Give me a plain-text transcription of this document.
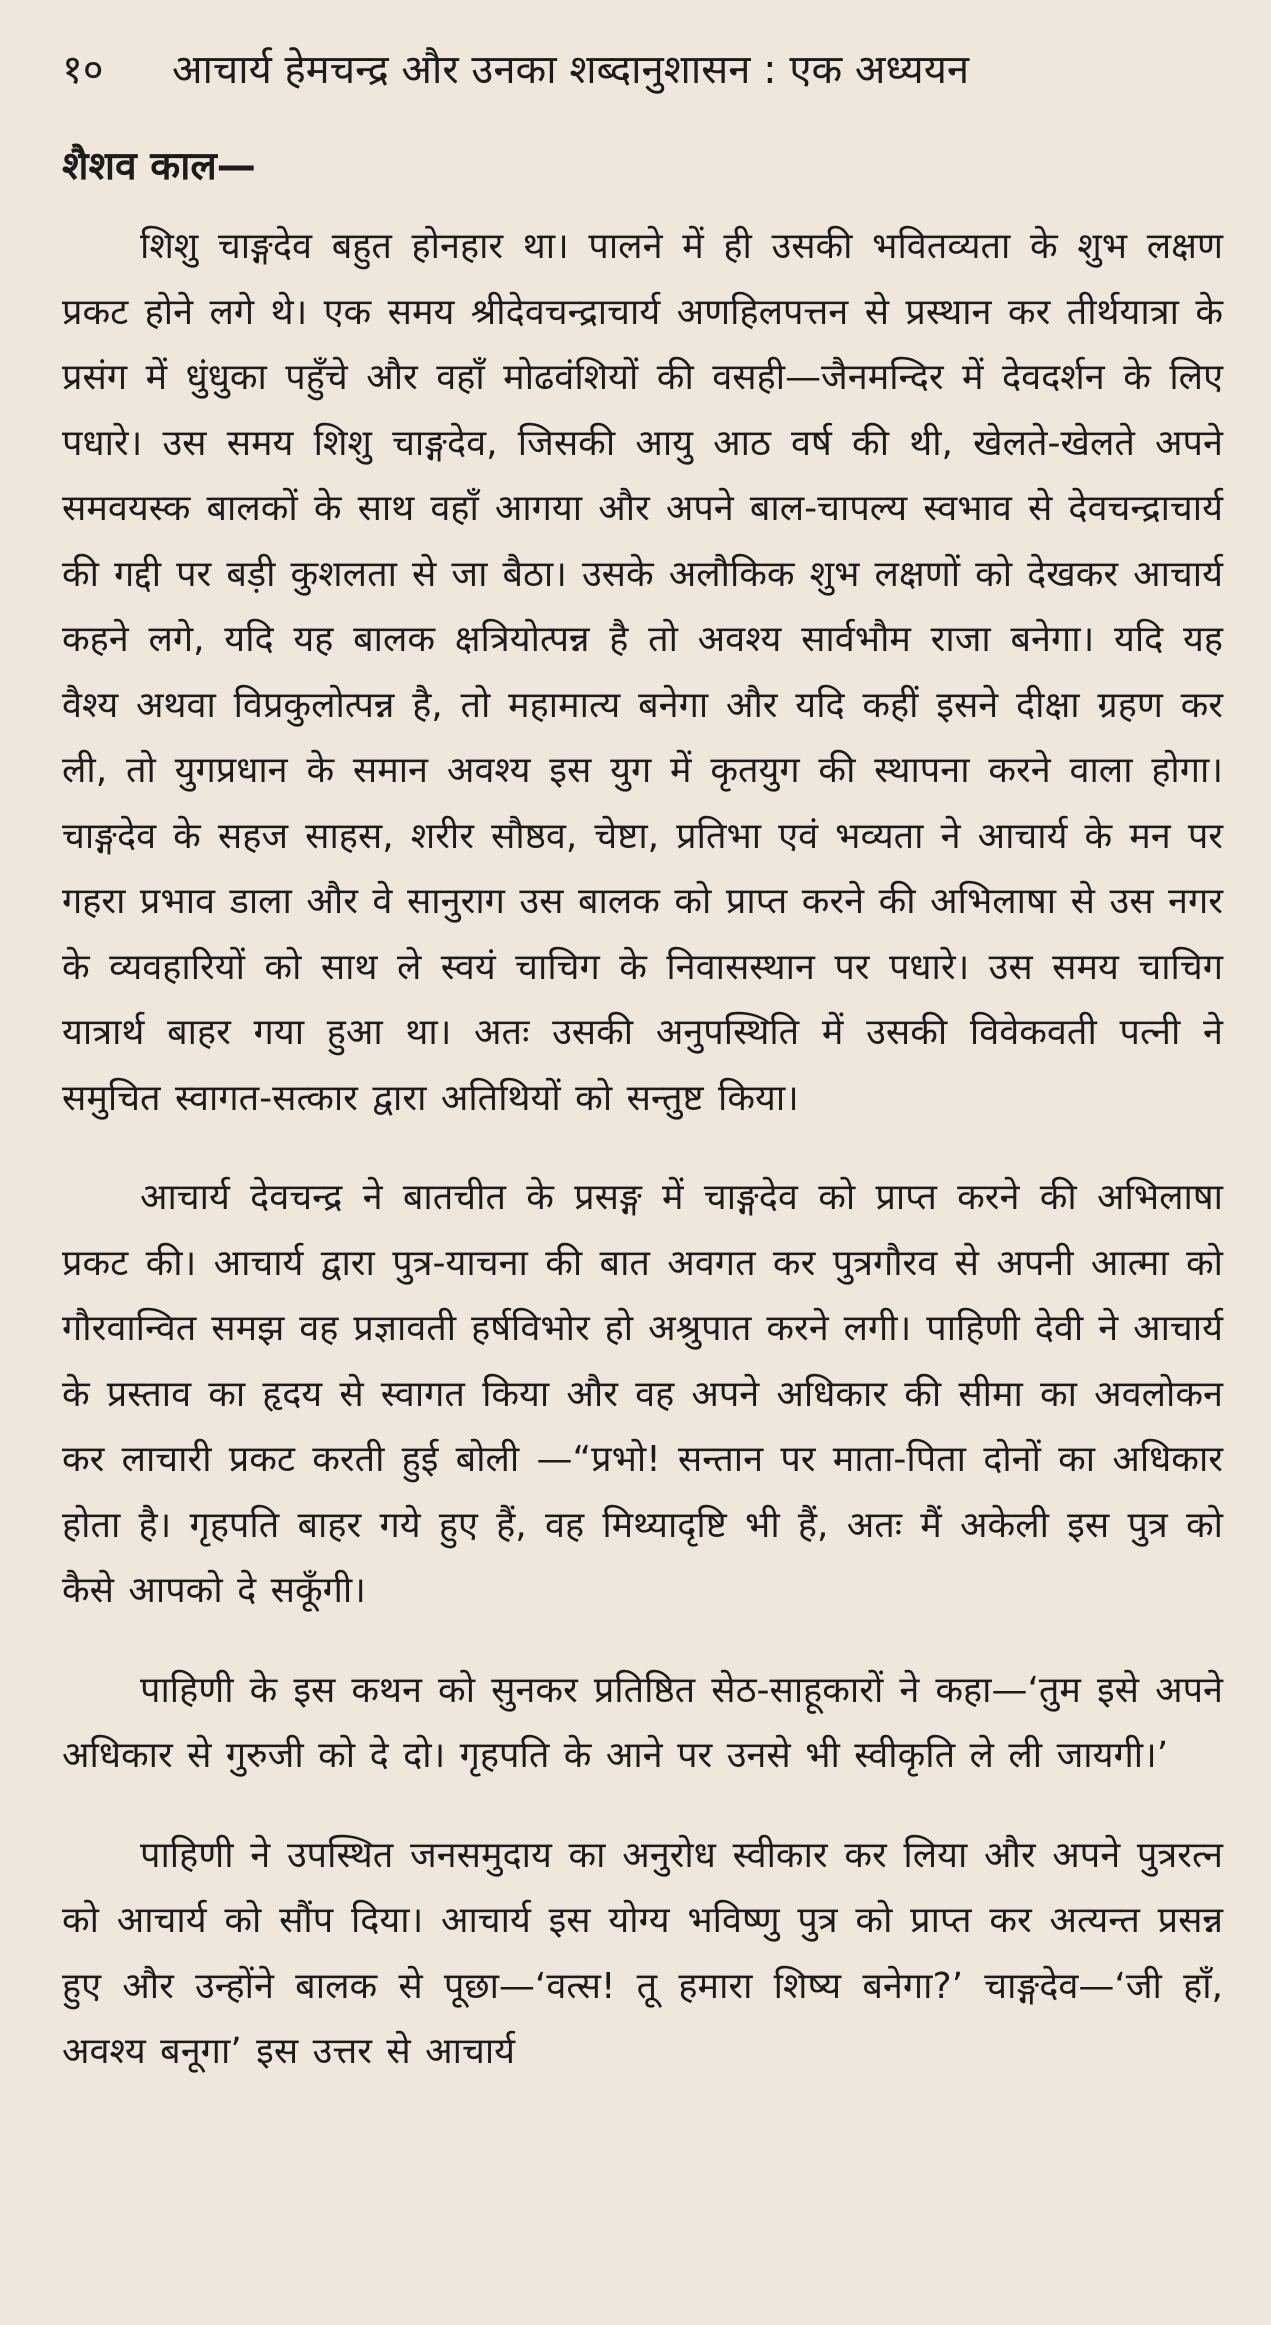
१०	आचार्य हेमचन्द्र और उनका शब्दानुशासन : एक अध्ययन
शैशव काल—

शिशु चाङ्गदेव बहुत होनहार था। पालने में ही उसकी भवितव्यता के शुभ लक्षण प्रकट होने लगे थे। एक समय श्रीदेवचन्द्राचार्य अणहिलपत्तन से प्रस्थान कर तीर्थयात्रा के प्रसंग में धुंधुका पहुँचे और वहाँ मोढवंशियों की वसही—जैनमन्दिर में देवदर्शन के लिए पधारे। उस समय शिशु चाङ्गदेव, जिसकी आयु आठ वर्ष की थी, खेलते-खेलते अपने समवयस्क बालकों के साथ वहाँ आगया और अपने बाल-चापल्य स्वभाव से देवचन्द्राचार्य की गद्दी पर बड़ी कुशलता से जा बैठा। उसके अलौकिक शुभ लक्षणों को देखकर आचार्य कहने लगे, यदि यह बालक क्षत्रियोत्पन्न है तो अवश्य सार्वभौम राजा बनेगा। यदि यह वैश्य अथवा विप्रकुलोत्पन्न है, तो महामात्य बनेगा और यदि कहीं इसने दीक्षा ग्रहण कर ली, तो युगप्रधान के समान अवश्य इस युग में कृतयुग की स्थापना करने वाला होगा। चाङ्गदेव के सहज साहस, शरीर सौष्ठव, चेष्टा, प्रतिभा एवं भव्यता ने आचार्य के मन पर गहरा प्रभाव डाला और वे सानुराग उस बालक को प्राप्त करने की अभिलाषा से उस नगर के व्यवहारियों को साथ ले स्वयं चाचिग के निवासस्थान पर पधारे। उस समय चाचिग यात्रार्थ बाहर गया हुआ था। अतः उसकी अनुपस्थिति में उसकी विवेकवती पत्नी ने समुचित स्वागत-सत्कार द्वारा अतिथियों को सन्तुष्ट किया।

आचार्य देवचन्द्र ने बातचीत के प्रसङ्ग में चाङ्गदेव को प्राप्त करने की अभिलाषा प्रकट की। आचार्य द्वारा पुत्र-याचना की बात अवगत कर पुत्रगौरव से अपनी आत्मा को गौरवान्वित समझ वह प्रज्ञावती हर्षविभोर हो अश्रुपात करने लगी। पाहिणी देवी ने आचार्य के प्रस्ताव का हृदय से स्वागत किया और वह अपने अधिकार की सीमा का अवलोकन कर लाचारी प्रकट करती हुई बोली —“प्रभो! सन्तान पर माता-पिता दोनों का अधिकार होता है। गृहपति बाहर गये हुए हैं, वह मिथ्यादृष्टि भी हैं, अतः मैं अकेली इस पुत्र को कैसे आपको दे सकूँगी।

पाहिणी के इस कथन को सुनकर प्रतिष्ठित सेठ-साहूकारों ने कहा—‘तुम इसे अपने अधिकार से गुरुजी को दे दो। गृहपति के आने पर उनसे भी स्वीकृति ले ली जायगी।’

पाहिणी ने उपस्थित जनसमुदाय का अनुरोध स्वीकार कर लिया और अपने पुत्ररत्न को आचार्य को सौंप दिया। आचार्य इस योग्य भविष्णु पुत्र को प्राप्त कर अत्यन्त प्रसन्न हुए और उन्होंने बालक से पूछा—‘वत्स! तू हमारा शिष्य बनेगा?’ चाङ्गदेव—‘जी हाँ, अवश्य बनूगा’ इस उत्तर से आचार्य
